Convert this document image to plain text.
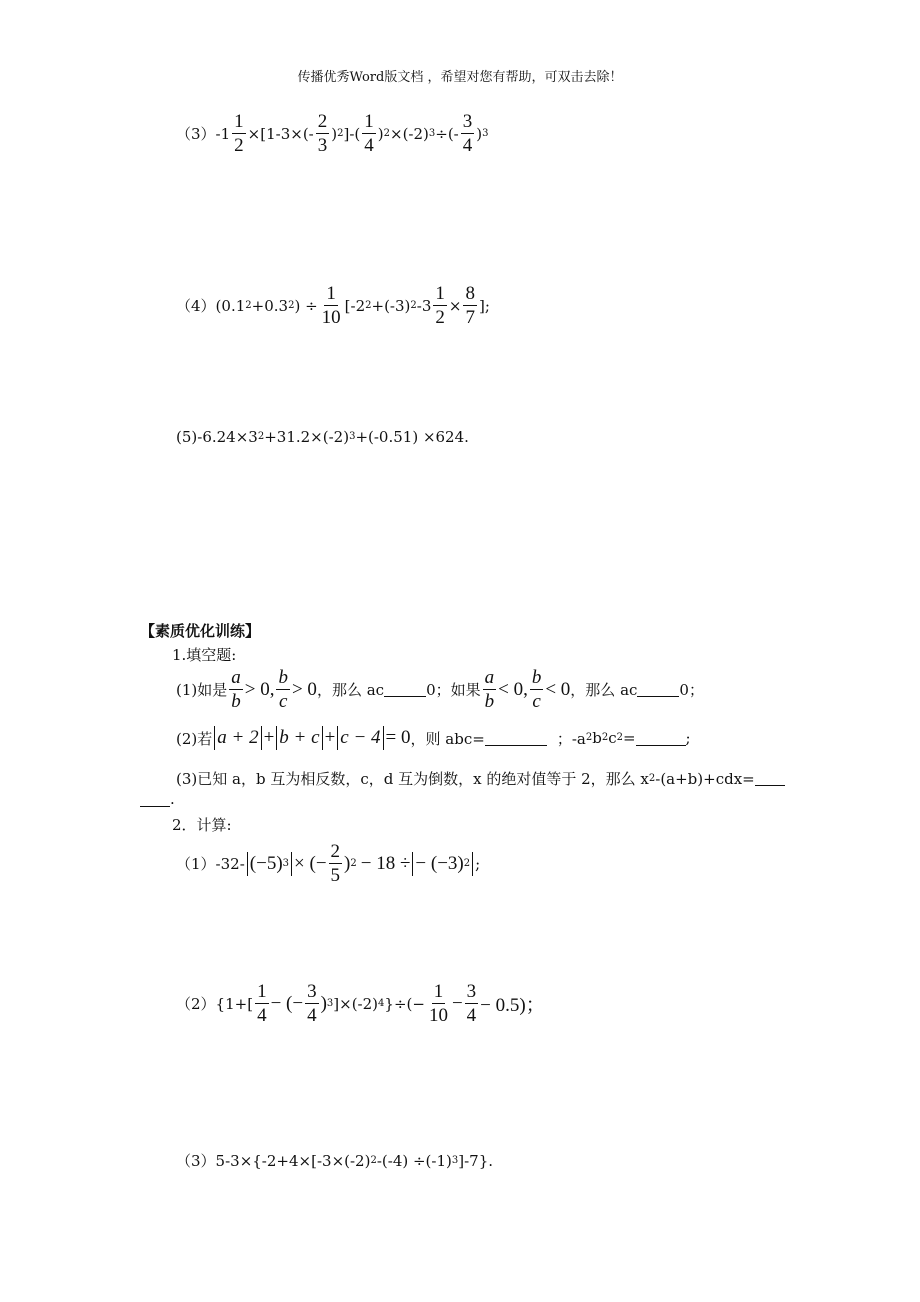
传播优秀Word版文档 ，希望对您有帮助，可双击去除！
（3） $-1 \frac{1}{2} \times[1-3\times(- \frac{2}{3}$ ) 2 ]-( $\frac{1}{4}$ ) 2 ×(-2) 3 ÷(- $\frac{3}{4}$ ) 3
（4） (0.1 2 +0.3 2 ) ÷ $\frac{1}{10} [-2$ 2 +(-3) 2 $-3 \frac{1}{2} \times \frac{8}{7}$ ];
(5)-6.24×3 2 +31.2×(-2) 3 +(-0.51) ×624.
【素质优化训练】
1.填空题:
(1)如是 $\frac{a}{b} > 0$, $\frac{b}{c} > 0$ ，那么 ac	0；如果 $\frac{a}{b} < 0$, $\frac{b}{c} < 0$ ，那么 ac	0；
(2)若 a + 2 + b + c + c − 4 = 0 ，则 abc=	；-a 2 b 2 c 2 =	;
(3)已知 a，b 互为相反数，c，d 互为倒数，x 的绝对值等于 2，那么 x 2 -(a+b)+cdx=
.
2．计算:
（1）-32- (−5) 3 × (− $\frac{2}{5}$ ) 2 − 18 ÷ − (−3) 2 ;
$(2)\{1+[ \frac{1}{4}$ − (− $\frac{3}{4}$ ) 3 ]×(-2) 4 }÷(− $\frac{1}{10} - \frac{3}{4} - 0.5$)；
（3）5-3×{-2+4×[-3×(-2) 2 -(-4) ÷(-1) 3 ]-7}.
